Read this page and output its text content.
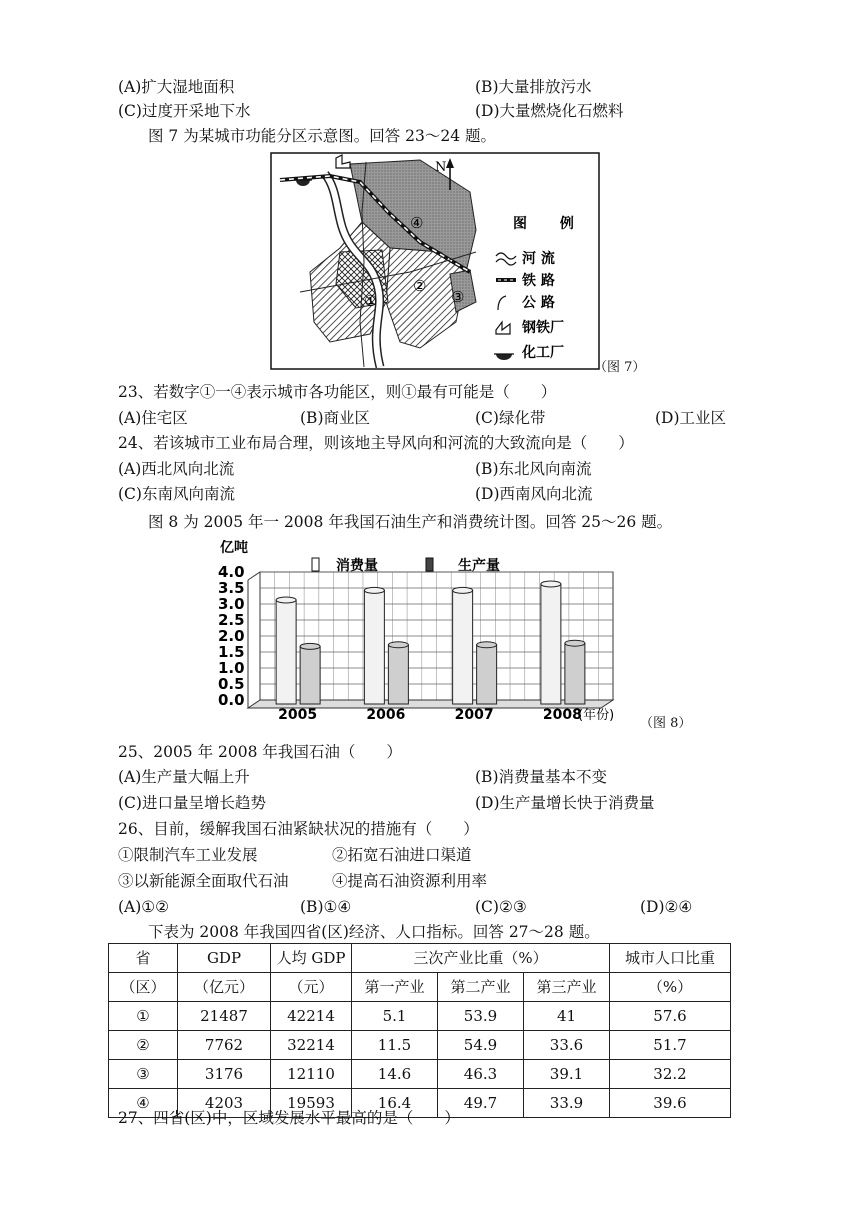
(A)扩大湿地面积	(B)大量排放污水
(C)过度开采地下水	(D)大量燃烧化石燃料
图 7 为某城市功能分区示意图。回答 23～24 题。
N
④
①
②
③
图 例
河 流
铁 路
公 路
钢铁厂
化工厂
（图 7）
23、若数字①一④表示城市各功能区，则①最有可能是（　　）
(A)住宅区	(B)商业区	(C)绿化带	(D)工业区
24、若该城市工业布局合理，则该地主导风向和河流的大致流向是（　　）
(A)西北风向北流	(B)东北风向南流
(C)东南风向南流	(D)西南风向北流
图 8 为 2005 年一 2008 年我国石油生产和消费统计图。回答 25～26 题。
0.0
0.5
1.0
1.5
2.0
2.5
3.0
3.5
4.0
2005	2006	2007	2008
亿吨
消费量	生产量
(年份)
（图 8）
25、2005 年 2008 年我国石油（　　）
(A)生产量大幅上升	(B)消费量基本不变
(C)进口量呈增长趋势	(D)生产量增长快于消费量
26、目前，缓解我国石油紧缺状况的措施有（　　）
①限制汽车工业发展	②拓宽石油进口渠道
③以新能源全面取代石油	④提高石油资源利用率
(A)①②	(B)①④	(C)②③	(D)②④
下表为 2008 年我国四省(区)经济、人口指标。回答 27～28 题。
省	GDP	人均 GDP	三次产业比重（%）			城市人口比重
（区）	（亿元）	（元）	第一产业	第二产业	第三产业	（%）
①	21487	42214	5.1	53.9	41	57.6
②	7762	32214	11.5	54.9	33.6	51.7
③	3176	12110	14.6	46.3	39.1	32.2
④	4203	19593	16.4	49.7	33.9	39.6
27、四省(区)中，区域发展水平最高的是（　　）
